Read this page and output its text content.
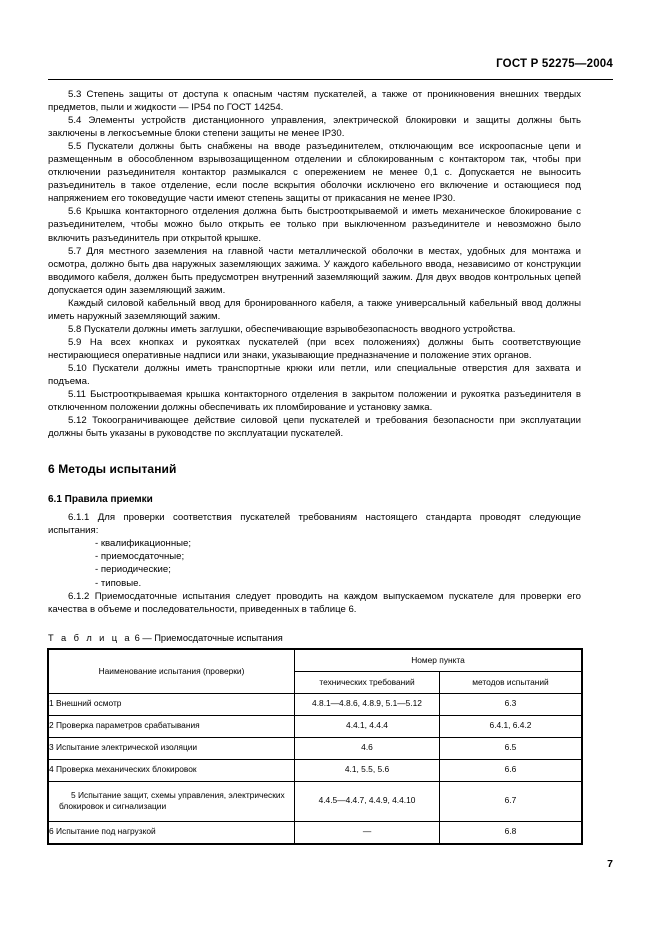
ГОСТ Р 52275—2004

5.3 Степень защиты от доступа к опасным частям пускателей, а также от проникновения внешних твердых предметов, пыли и жидкости — IP54 по ГОСТ 14254.

5.4 Элементы устройств дистанционного управления, электрической блокировки и защиты должны быть заключены в легкосъемные блоки степени защиты не менее IP30.

5.5 Пускатели должны быть снабжены на вводе разъединителем, отключающим все искроопасные цепи и размещенным в обособленном взрывозащищенном отделении и сблокированным с контактором так, чтобы при отключении разъединителя контактор размыкался с опережением не менее 0,1 с. Допускается не выносить разъединитель в такое отделение, если после вскрытия оболочки исключено его включение и остающиеся под напряжением его токоведущие части имеют степень защиты от прикасания не менее IP30.

5.6 Крышка контакторного отделения должна быть быстрооткрываемой и иметь механическое блокирование с разъединителем, чтобы можно было открыть ее только при выключенном разъединителе и невозможно было включить разъединитель при открытой крышке.

5.7 Для местного заземления на главной части металлической оболочки в местах, удобных для монтажа и осмотра, должно быть два наружных заземляющих зажима. У каждого кабельного ввода, независимо от конструкции вводимого кабеля, должен быть предусмотрен внутренний заземляющий зажим. Для двух вводов контрольных цепей допускается один заземляющий зажим.

Каждый силовой кабельный ввод для бронированного кабеля, а также универсальный кабельный ввод должны иметь наружный заземляющий зажим.

5.8 Пускатели должны иметь заглушки, обеспечивающие взрывобезопасность вводного устройства.

5.9 На всех кнопках и рукоятках пускателей (при всех положениях) должны быть соответствующие нестирающиеся оперативные надписи или знаки, указывающие предназначение и положение этих органов.

5.10 Пускатели должны иметь транспортные крюки или петли, или специальные отверстия для захвата и подъема.

5.11 Быстрооткрываемая крышка контакторного отделения в закрытом положении и рукоятка разъединителя в отключенном положении должны обеспечивать их пломбирование и установку замка.

5.12 Токоограничивающее действие силовой цепи пускателей и требования безопасности при эксплуатации должны быть указаны в руководстве по эксплуатации пускателей.

6 Методы испытаний
6.1 Правила приемки

6.1.1 Для проверки соответствия пускателей требованиям настоящего стандарта проводят следующие испытания:

- квалификационные;
- приемосдаточные;
- периодические;
- типовые.

6.1.2 Приемосдаточные испытания следует проводить на каждом выпускаемом пускателе для проверки его качества в объеме и последовательности, приведенных в таблице 6.

Т а б л и ц а 6 — Приемосдаточные испытания
Наименование испытания (проверки)	Номер пункта	
	технических требований	методов испытаний
1 Внешний осмотр	4.8.1—4.8.6, 4.8.9, 5.1—5.12	6.3
2 Проверка параметров срабатывания	4.4.1, 4.4.4	6.4.1, 6.4.2
3 Испытание электрической изоляции	4.6	6.5
4 Проверка механических блокировок	4.1, 5.5, 5.6	6.6
5 Испытание защит, схемы управления, электрических блокировок и сигнализации	4.4.5—4.4.7, 4.4.9, 4.4.10	6.7
6 Испытание под нагрузкой	—	6.8
7
